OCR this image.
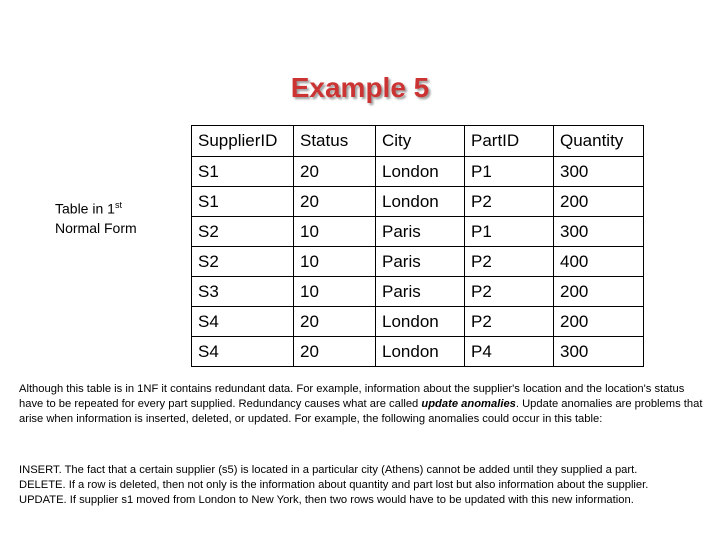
Example 5
Table in 1st
Normal Form
SupplierID	Status	City	PartID	Quantity
S1	20	London	P1	300
S1	20	London	P2	200
S2	10	Paris	P1	300
S2	10	Paris	P2	400
S3	10	Paris	P2	200
S4	20	London	P2	200
S4	20	London	P4	300
Although this table is in 1NF it contains redundant data. For example, information about the supplier's location and the location's status have to be repeated for every part supplied. Redundancy causes what are called update anomalies. Update anomalies are problems that arise when information is inserted, deleted, or updated. For example, the following anomalies could occur in this table:
INSERT. The fact that a certain supplier (s5) is located in a particular city (Athens) cannot be added until they supplied a part.
DELETE. If a row is deleted, then not only is the information about quantity and part lost but also information about the supplier.
UPDATE. If supplier s1 moved from London to New York, then two rows would have to be updated with this new information.
